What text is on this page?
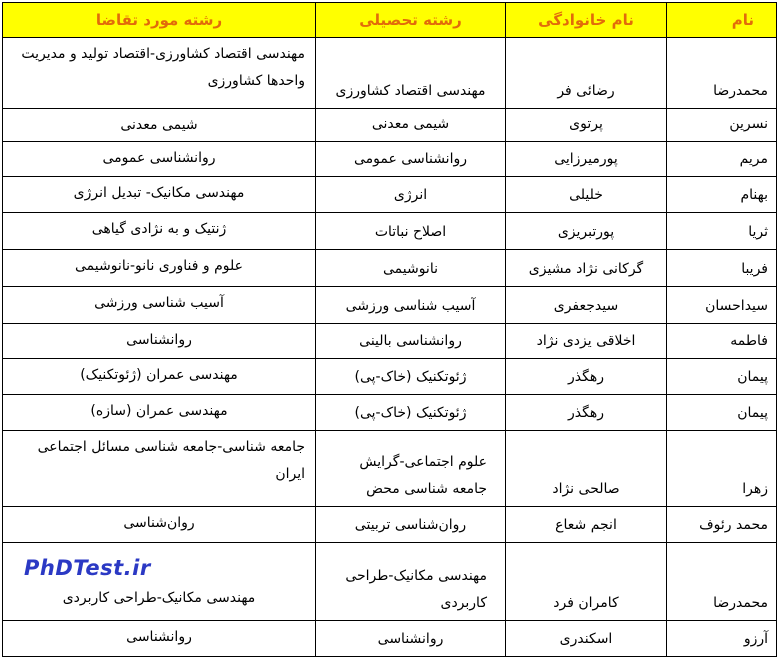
نام	نام خانوادگی	رشته تحصیلی	رشته مورد تقاضا
محمدرضا	رضائی فر	مهندسی اقتصاد کشاورزی	مهندسی اقتصاد کشاورزی-اقتصاد تولید و مدیریت واحدها کشاورزی
نسرین	پرتوی	شیمی معدنی	شیمی معدنی
مریم	پورمیرزایی	روانشناسی عمومی	روانشناسی عمومی
بهنام	خلیلی	انرژی	مهندسی مکانیک- تبدیل انرژی
ثریا	پورتبریزی	اصلاح نباتات	ژنتیک و به نژادی گیاهی
فریبا	گرکانی نژاد مشیزی	نانوشیمی	علوم و فناوری نانو-نانوشیمی
سیداحسان	سیدجعفری	آسیب شناسی ورزشی	آسیب شناسی ورزشی
فاطمه	اخلاقی یزدی نژاد	روانشناسی بالینی	روانشناسی
پیمان	رهگذر	ژئوتکنیک (خاک-پی)	مهندسی عمران (ژئوتکنیک)
پیمان	رهگذر	ژئوتکنیک (خاک-پی)	مهندسی عمران (سازه)
زهرا	صالحی نژاد	علوم اجتماعی-گرایش جامعه شناسی محض	جامعه شناسی-جامعه شناسی مسائل اجتماعی ایران
محمد رئوف	انجم شعاع	روان‌شناسی تربیتی	روان‌شناسی
محمدرضا	کامران فرد	مهندسی مکانیک-طراحی کاربردی	مهندسی مکانیک-طراحی کاربردی
آرزو	اسکندری	روانشناسی	روانشناسی
PhDTest.ir
